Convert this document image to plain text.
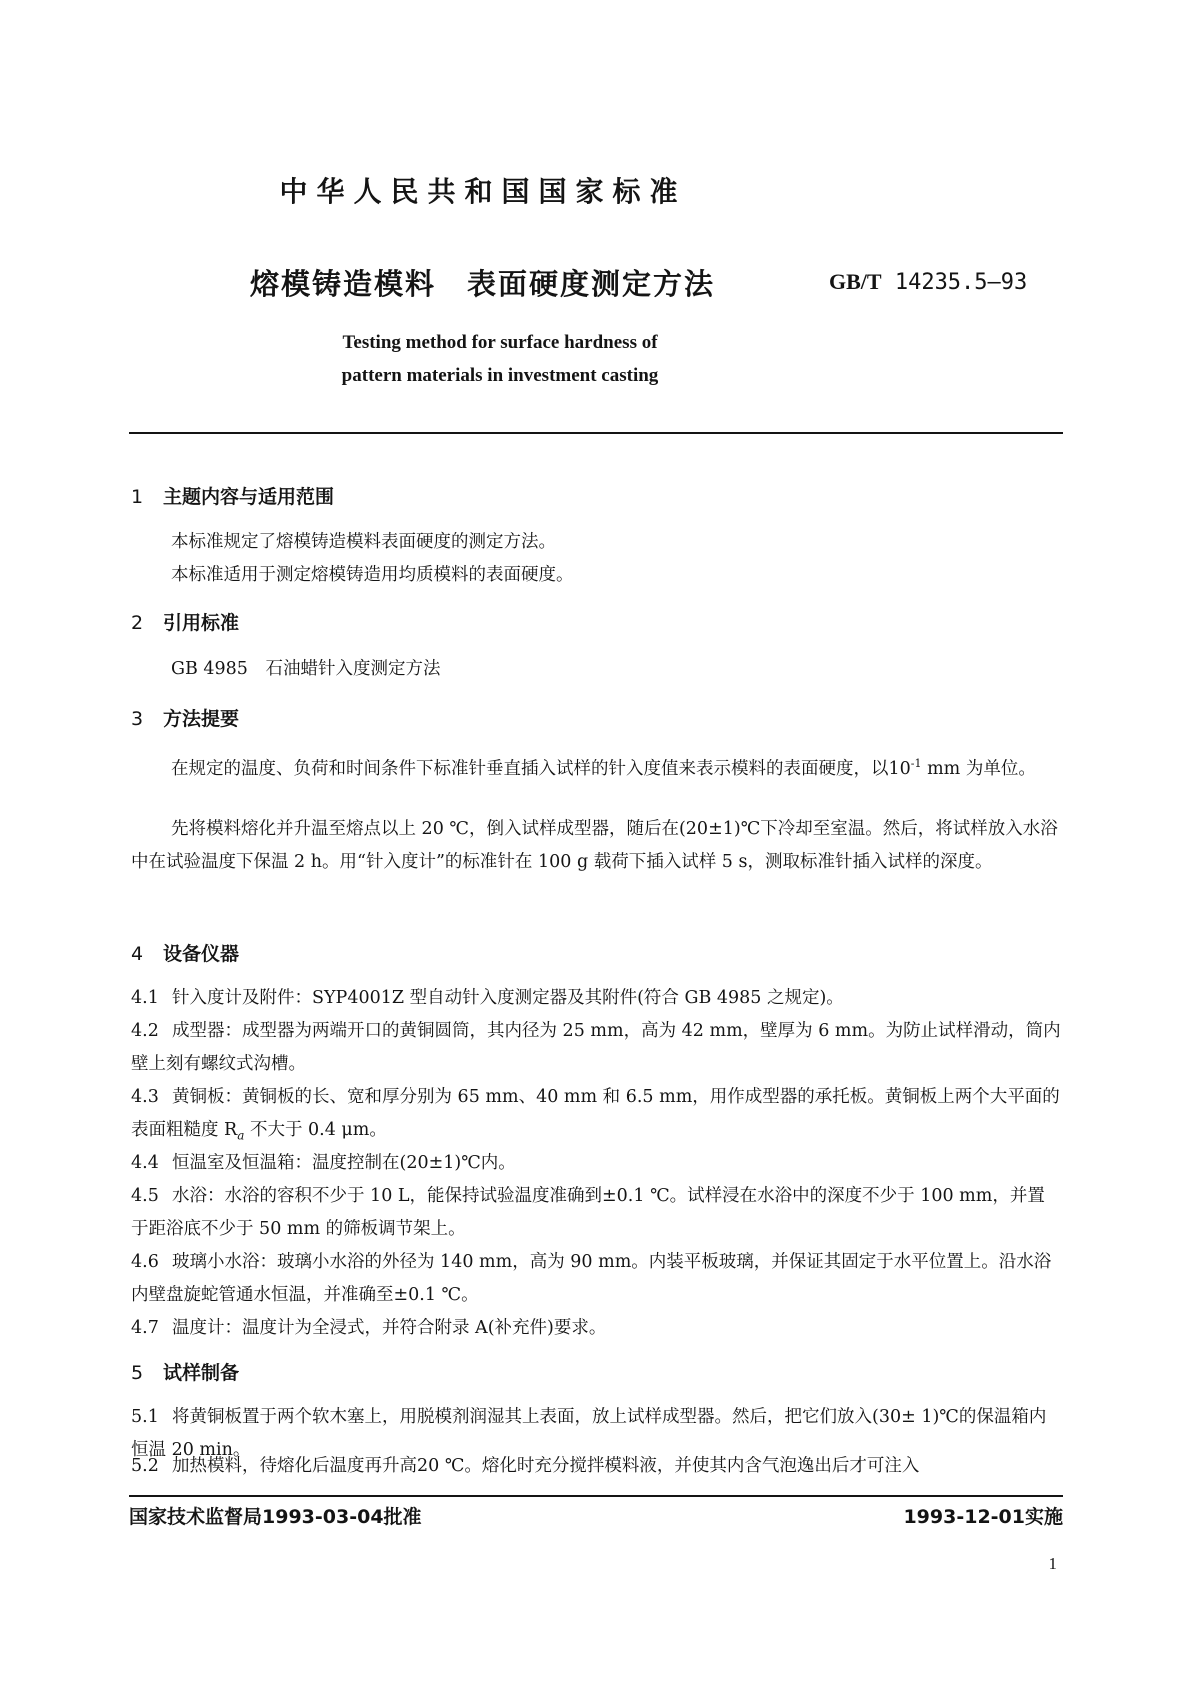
中华人民共和国国家标准
熔模铸造模料　表面硬度测定方法	GB/T 14235.5—93
Testing method for surface hardness of
pattern materials in investment casting
1 主题内容与适用范围
本标准规定了熔模铸造模料表面硬度的测定方法。
本标准适用于测定熔模铸造用均质模料的表面硬度。
2 引用标准
GB 4985　石油蜡针入度测定方法
3 方法提要
在规定的温度、负荷和时间条件下标准针垂直插入试样的针入度值来表示模料的表面硬度，以$10^{-1}$ mm 为单位。
先将模料熔化并升温至熔点以上 20 ℃，倒入试样成型器，随后在(20±1)℃下冷却至室温。然后，将试样放入水浴中在试验温度下保温 2 h。用“针入度计”的标准针在 100 g 载荷下插入试样 5 s，测取标准针插入试样的深度。
4 设备仪器
4.1 针入度计及附件：SYP4001Z 型自动针入度测定器及其附件(符合 GB 4985 之规定)。
4.2 成型器：成型器为两端开口的黄铜圆筒，其内径为 25 mm，高为 42 mm，壁厚为 6 mm。为防止试样滑动，筒内壁上刻有螺纹式沟槽。
4.3 黄铜板：黄铜板的长、宽和厚分别为 65 mm、40 mm 和 6.5 mm，用作成型器的承托板。黄铜板上两个大平面的表面粗糙度 $R_a$ 不大于 0.4 μm。
4.4 恒温室及恒温箱：温度控制在(20±1)℃内。
4.5 水浴：水浴的容积不少于 10 L，能保持试验温度准确到±0.1 ℃。试样浸在水浴中的深度不少于 100 mm，并置于距浴底不少于 50 mm 的筛板调节架上。
4.6 玻璃小水浴：玻璃小水浴的外径为 140 mm，高为 90 mm。内装平板玻璃，并保证其固定于水平位置上。沿水浴内壁盘旋蛇管通水恒温，并准确至±0.1 ℃。
4.7 温度计：温度计为全浸式，并符合附录 A(补充件)要求。
5 试样制备
5.1 将黄铜板置于两个软木塞上，用脱模剂润湿其上表面，放上试样成型器。然后，把它们放入(30± 1)℃的保温箱内恒温 20 min。
5.2 加热模料，待熔化后温度再升高20 ℃。熔化时充分搅拌模料液，并使其内含气泡逸出后才可注入
国家技术监督局1993-03-04批准	1993-12-01实施
1
